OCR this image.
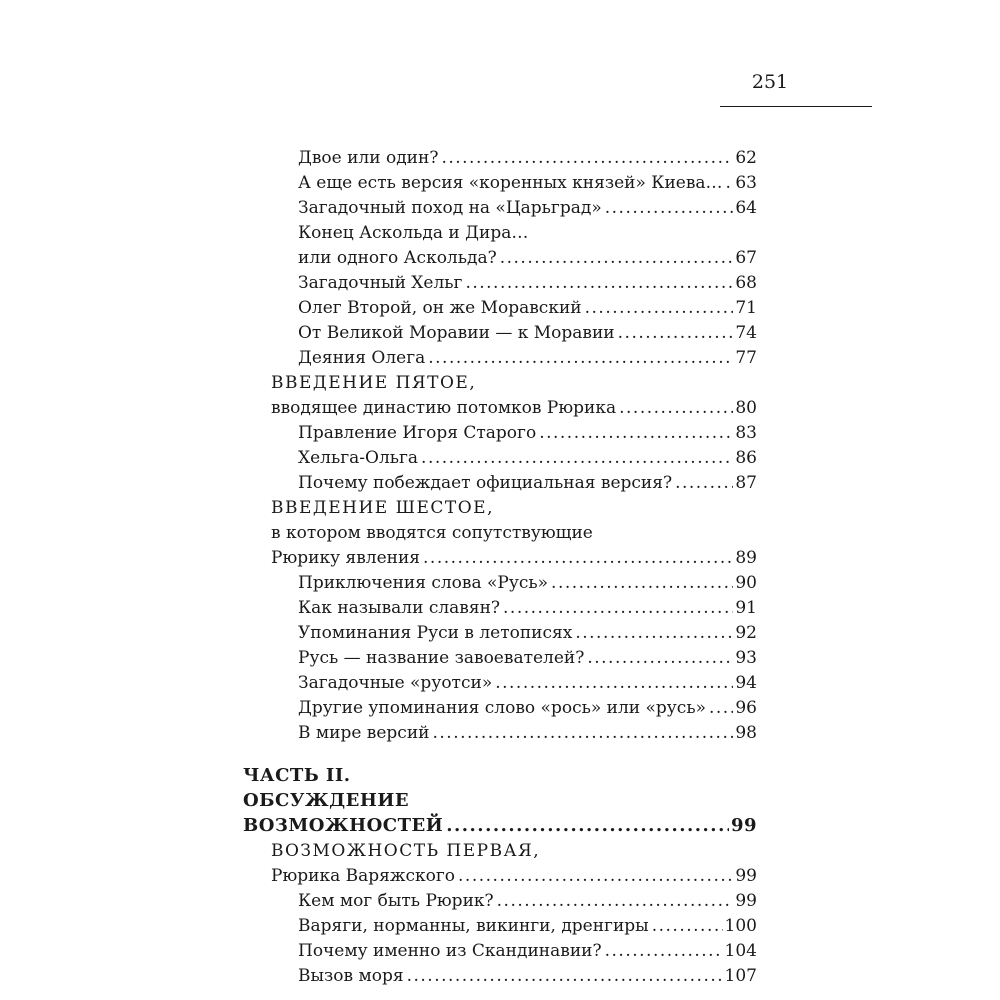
251
Двое или один? .....	62
А еще есть версия «коренных князей» Киева… ..... 63
Загадочный поход на «Царьград» .....	64
Конец Аскольда и Дира…
или одного Аскольда? .....	67
Загадочный Хельг .....	68
Олег Второй, он же Моравский .....	71
От Великой Моравии — к Моравии .....	74
Деяния Олега .....	77
ВВЕДЕНИЕ ПЯТОЕ,
вводящее династию потомков Рюрика .....	80
Правление Игоря Старого .....	83
Хельга-Ольга .....	86
Почему побеждает официальная версия? .....	87
ВВЕДЕНИЕ ШЕСТОЕ,
в котором вводятся сопутствующие
Рюрику явления .....	89
Приключения слова «Русь» .....	90
Как называли славян? .....	91
Упоминания Руси в летописях .....	92
Русь — название завоевателей? .....	93
Загадочные «руотси» .....	94
Другие упоминания слово «рось» или «русь» ..... 96
В мире версий .....	98
ЧАСТЬ II.
ОБСУЖДЕНИЕ
ВОЗМОЖНОСТЕЙ .....	99
ВОЗМОЖНОСТЬ ПЕРВАЯ,
Рюрика Варяжского .....	99
Кем мог быть Рюрик? .....	99
Варяги, норманны, викинги, дренгиры .....	100
Почему именно из Скандинавии? .....	104
Вызов моря .....	107
